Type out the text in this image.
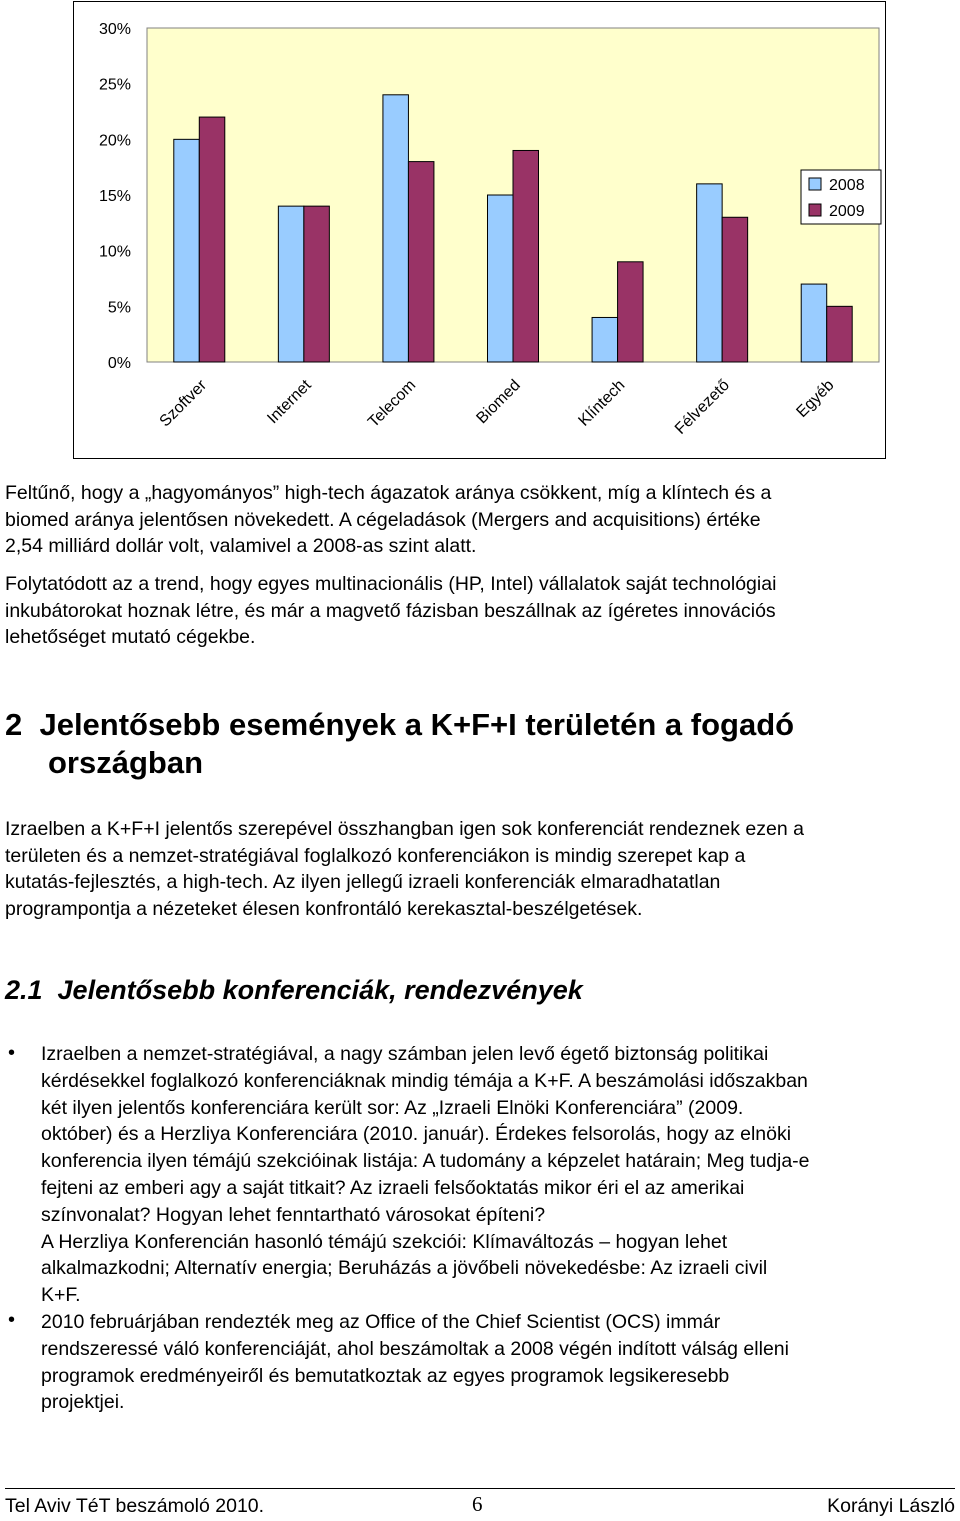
0%
5%
10%
15%
20%
25%
30%
Szoftver	Internet	Telecom	Biomed	Klíntech	Félvezető	Egyéb
2008
2009
Feltűnő, hogy a „hagyományos” high-tech ágazatok aránya csökkent, míg a klíntech és a
biomed aránya jelentősen növekedett. A cégeladások (Mergers and acquisitions) értéke
2,54 milliárd dollár volt, valamivel a 2008-as szint alatt.
Folytatódott az a trend, hogy egyes multinacionális (HP, Intel) vállalatok saját technológiai
inkubátorokat hoznak létre, és már a magvető fázisban beszállnak az ígéretes innovációs
lehetőséget mutató cégekbe.
2  Jelentősebb események a K+F+I területén a fogadó
országban
Izraelben a K+F+I jelentős szerepével összhangban igen sok konferenciát rendeznek ezen a
területen és a nemzet-stratégiával foglalkozó konferenciákon is mindig szerepet kap a
kutatás-fejlesztés, a high-tech. Az ilyen jellegű izraeli konferenciák elmaradhatatlan
programpontja a nézeteket élesen konfrontáló kerekasztal-beszélgetések.
2.1  Jelentősebb konferenciák, rendezvények
• Izraelben a nemzet-stratégiával, a nagy számban jelen levő égető biztonság politikai
kérdésekkel foglalkozó konferenciáknak mindig témája a K+F. A beszámolási időszakban
két ilyen jelentős konferenciára került sor: Az „Izraeli Elnöki Konferenciára” (2009.
október) és a Herzliya Konferenciára (2010. január). Érdekes felsorolás, hogy az elnöki
konferencia ilyen témájú szekcióinak listája: A tudomány a képzelet határain; Meg tudja-e
fejteni az emberi agy a saját titkait? Az izraeli felsőoktatás mikor éri el az amerikai
színvonalat? Hogyan lehet fenntartható városokat építeni?
A Herzliya Konferencián hasonló témájú szekciói: Klímaváltozás – hogyan lehet
alkalmazkodni; Alternatív energia; Beruházás a jövőbeli növekedésbe: Az izraeli civil
K+F.
• 2010 februárjában rendezték meg az Office of the Chief Scientist (OCS) immár
rendszeressé váló konferenciáját, ahol beszámoltak a 2008 végén indított válság elleni
programok eredményeiről és bemutatkoztak az egyes programok legsikeresebb
projektjei.
Tel Aviv TéT beszámoló 2010.	6	Korányi László
